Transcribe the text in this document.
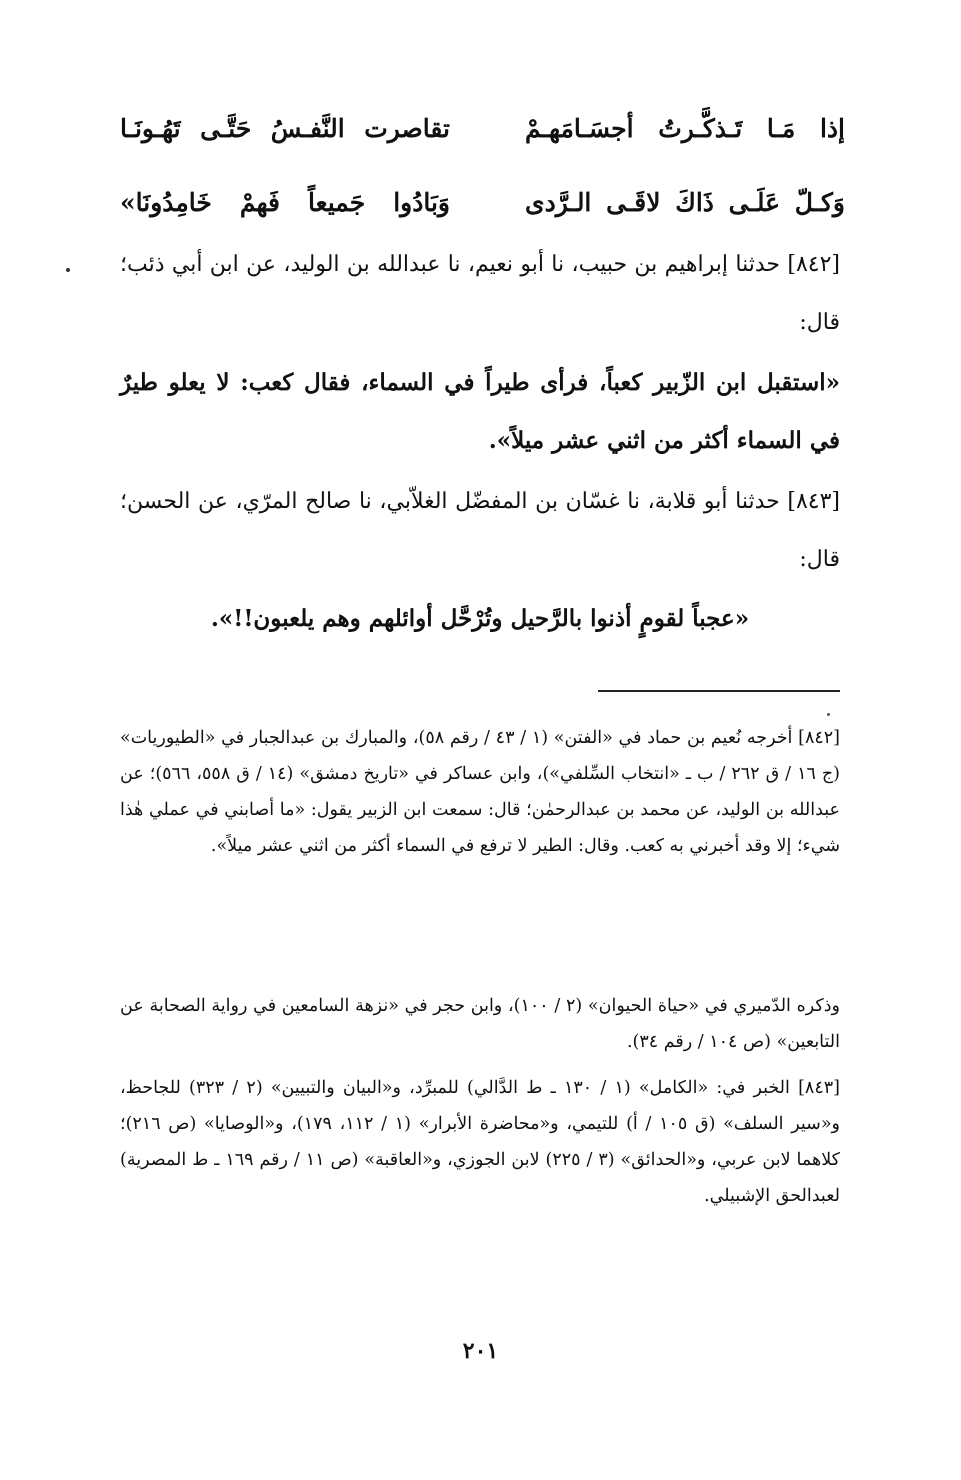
إذا مَـا تَـذكَّـرتُ أجسَـامَهـمْ
تقاصرت النَّفـسُ حَتَّـى تَهُـونَـا
وَكـلّ عَلَـى ذَاكَ لاقَـى الـرَّدى
وَبَادُوا جَميعاً فَهمْ خَامِدُونَا»
[٨٤٢] حدثنا إبراهيم بن حبيب، نا أبو نعيم، نا عبدالله بن الوليد، عن ابن أبي ذئب؛ قال:
«استقبل ابن الزّبير كعباً، فرأى طيراً في السماء، فقال كعب: لا يعلو طيرٌ في السماء أكثر من اثني عشر ميلاً».
[٨٤٣] حدثنا أبو قلابة، نا غسّان بن المفضّل الغلاّبي، نا صالح المرّي، عن الحسن؛ قال:
«عجباً لقومٍ أذنوا بالرَّحيل وتُرْحَّل أوائلهم وهم يلعبون!!».
[٨٤٢] أخرجه نُعيم بن حماد في «الفتن» (١ / ٤٣ / رقم ٥٨)، والمبارك بن عبدالجبار في «الطيوريات» (ج ١٦ / ق ٢٦٢ / ب ـ «انتخاب السِّلفي»)، وابن عساكر في «تاريخ دمشق» (١٤ / ق ٥٥٨، ٥٦٦)؛ عن عبدالله بن الوليد، عن محمد بن عبدالرحمٰن؛ قال: سمعت ابن الزبير يقول: «ما أصابني في عملي هٰذا شيء؛ إلا وقد أخبرني به كعب. وقال: الطير لا ترفع في السماء أكثر من اثني عشر ميلاً».
وذكره الدّميري في «حياة الحيوان» (٢ / ١٠٠)، وابن حجر في «نزهة السامعين في رواية الصحابة عن التابعين» (ص ١٠٤ / رقم ٣٤).
[٨٤٣] الخبر في: «الكامل» (١ / ١٣٠ ـ ط الدَّالي) للمبرِّد، و«البيان والتبيين» (٢ / ٣٢٣) للجاحظ، و«سير السلف» (ق ١٠٥ / أ) للتيمي، و«محاضرة الأبرار» (١ / ١١٢، ١٧٩)، و«الوصايا» (ص ٢١٦)؛ كلاهما لابن عربي، و«الحدائق» (٣ / ٢٢٥) لابن الجوزي، و«العاقبة» (ص ١١ / رقم ١٦٩ ـ ط المصرية) لعبدالحق الإشبيلي.
٢٠١
